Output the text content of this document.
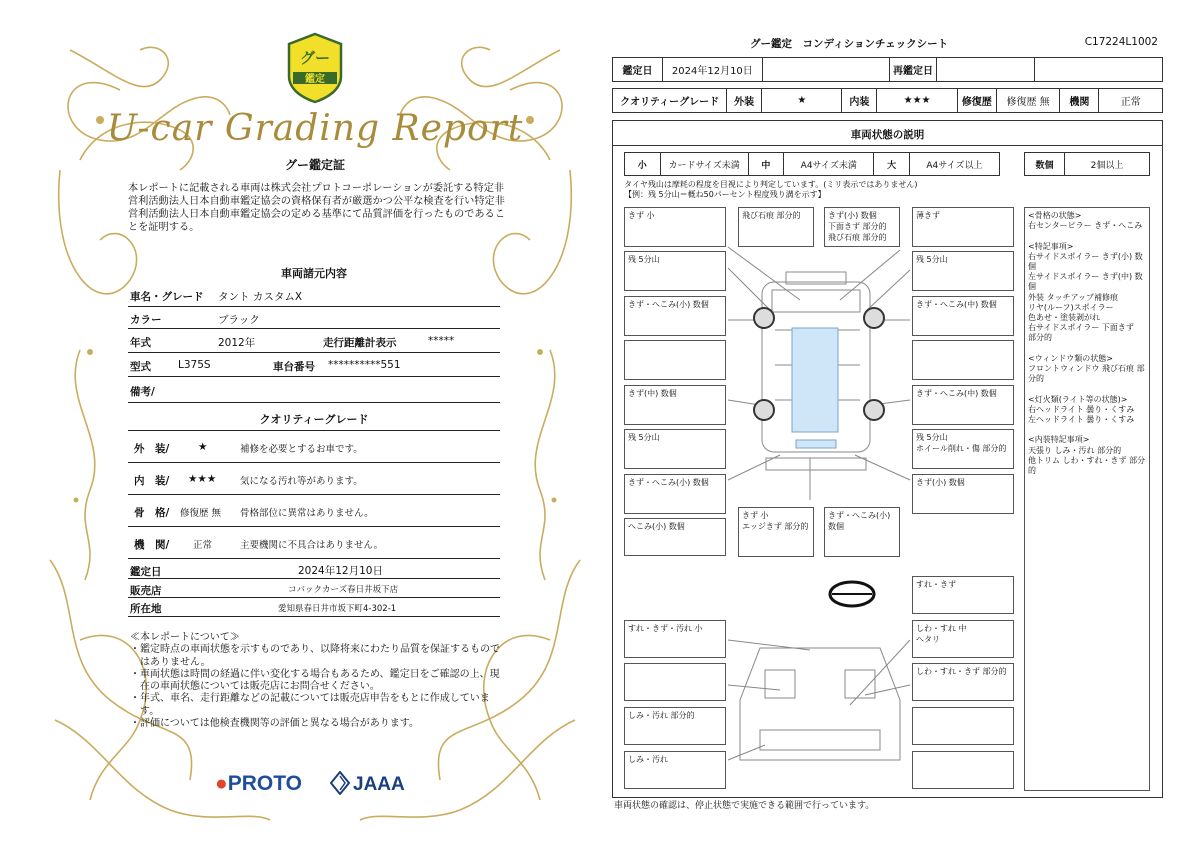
グー
鑑定
U-car Grading Report
グー鑑定証
本レポートに記載される車両は株式会社プロトコーポレーションが委託する特定非営利活動法人日本自動車鑑定協会の資格保有者が厳選かつ公平な検査を行い特定非営利活動法人日本自動車鑑定協会の定める基準にて品質評価を行ったものであることを証明する。
車両諸元内容
車名・グレード タント カスタムX
カラー	ブラック
年式	2012年	走行距離計表示	*****
型式	L375S	車台番号 **********551
備考/
クオリティーグレード
外　装/	★	補修を必要とするお車です。
内　装/ ★★★	気になる汚れ等があります。
骨　格/ 修復歴 無 骨格部位に異常はありません。
機　関/ 正常	主要機関に不具合はありません。
鑑定日	2024年12月10日
販売店	コバックカーズ春日井坂下店
所在地	愛知県春日井市坂下町4-302-1
≪本レポートについて≫
・鑑定時点の車両状態を示すものであり、以降将来にわたり品質を保証するものではありません。
・車両状態は時間の経過に伴い変化する場合もあるため、鑑定日をご確認の上、現在の車両状態については販売店にお問合せください。
・年式、車名、走行距離などの記載については販売店申告をもとに作成しています。
・評価については他検査機関等の評価と異なる場合があります。
●PROTO	JAAA
グー鑑定　コンディションチェックシート	C17224L1002
鑑定日	2024年12月10日		再鑑定日		
クオリティーグレード	外装	★	内装	★★★	修復歴	修復歴 無	機関	正常
車両状態の説明
小	カードサイズ未満	中	A4サイズ未満	大	A4サイズ以上	数個	2個以上
タイヤ残山は摩耗の程度を目視により判定しています。(ミリ表示ではありません)
【例：残 5分山＝概ね50パーセント程度残り溝を示す】
きず 小	飛び石痕 部分的	きず(小) 数個
下面きず 部分的
飛び石痕 部分的
薄きず
残 5分山	残 5分山
きず・へこみ(小) 数個	きず・へこみ(中) 数個
きず(中) 数個	きず・へこみ(中) 数個
残 5分山	残 5分山
ホイール削れ・傷 部分的
きず・へこみ(小) 数個	きず(小) 数個
へこみ(小) 数個
きず 小
エッジきず 部分的
きず・へこみ(小) 数個
すれ・きず
すれ・きず・汚れ 小	しわ・すれ 中
ヘタリ
しわ・すれ・きず 部分的
しみ・汚れ 部分的
しみ・汚れ
<骨格の状態>
右センターピラー きず・へこみ

<特記事項>
右サイドスポイラー きず(小) 数個
左サイドスポイラー きず(中) 数個
外装 タッチアップ補修痕
リヤ(ルーフ)スポイラー
色あせ・塗装剥がれ
右サイドスポイラー 下面きず
部分的

<ウィンドウ類の状態>
フロントウィンドウ 飛び石痕 部分的

<灯火類(ライト等の状態)>
右ヘッドライト 曇り・くすみ
左ヘッドライト 曇り・くすみ

<内装特記事項>
天張り しみ・汚れ 部分的
他トリム しわ・すれ・きず 部分的
車両状態の確認は、停止状態で実施できる範囲で行っています。
